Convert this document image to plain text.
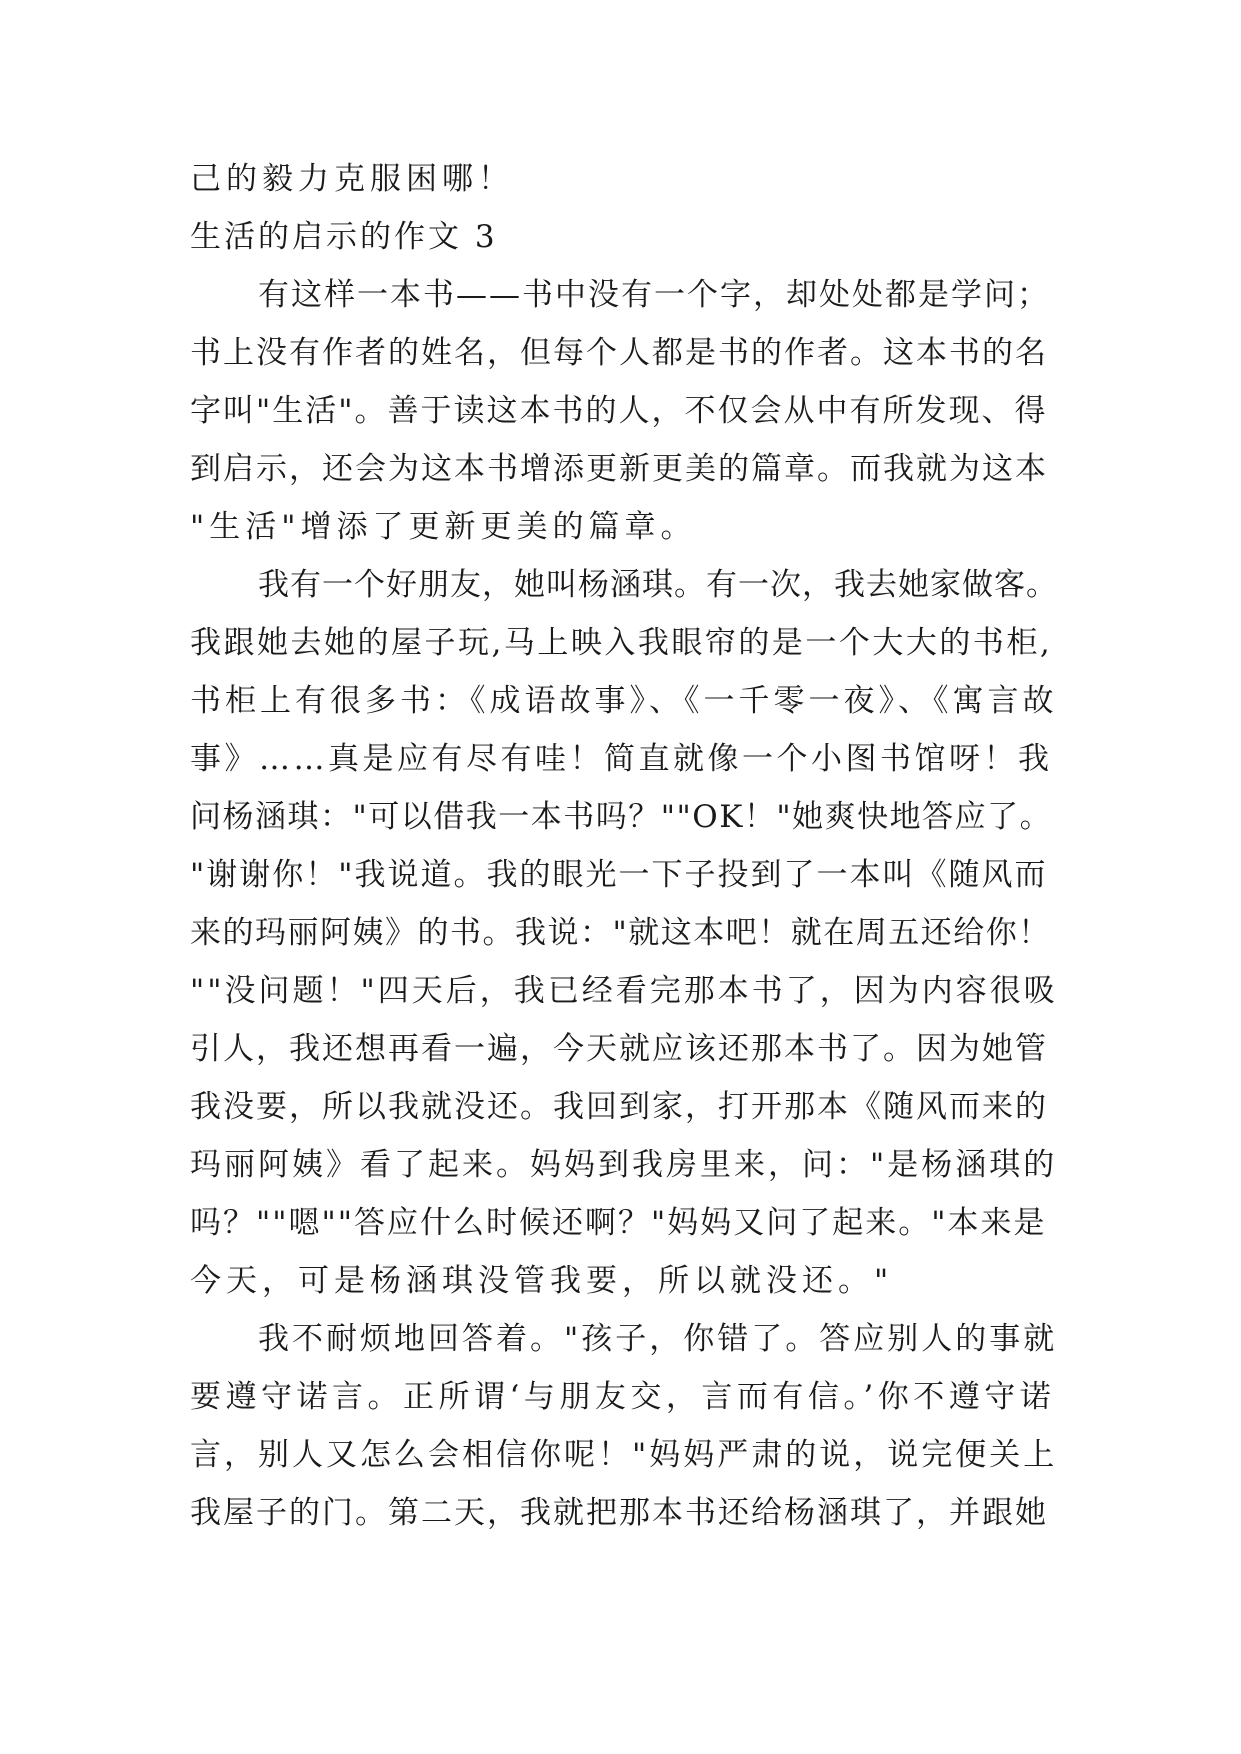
己的毅力克服困哪！
生活的启示的作文 3
有这样一本书——书中没有一个字，却处处都是学问；
书上没有作者的姓名，但每个人都是书的作者。这本书的名
字叫"生活"。善于读这本书的人，不仅会从中有所发现、得
到启示，还会为这本书增添更新更美的篇章。而我就为这本
"生活"增添了更新更美的篇章。
我有一个好朋友，她叫杨涵琪。有一次，我去她家做客。
我跟她去她的屋子玩,马上映入我眼帘的是一个大大的书柜,
书柜上有很多书：《成语故事》、《一千零一夜》、《寓言故
事》……真是应有尽有哇！简直就像一个小图书馆呀！我
问杨涵琪："可以借我一本书吗？""OK！"她爽快地答应了。
"谢谢你！"我说道。我的眼光一下子投到了一本叫《随风而
来的玛丽阿姨》的书。我说："就这本吧！就在周五还给你！
""没问题！"四天后，我已经看完那本书了，因为内容很吸
引人，我还想再看一遍，今天就应该还那本书了。因为她管
我没要，所以我就没还。我回到家，打开那本《随风而来的
玛丽阿姨》看了起来。妈妈到我房里来，问："是杨涵琪的
吗？""嗯""答应什么时候还啊？"妈妈又问了起来。"本来是
今天，可是杨涵琪没管我要，所以就没还。"
我不耐烦地回答着。"孩子，你错了。答应别人的事就
要遵守诺言。正所谓‘与朋友交，言而有信。’你不遵守诺
言，别人又怎么会相信你呢！"妈妈严肃的说，说完便关上
我屋子的门。第二天，我就把那本书还给杨涵琪了，并跟她
